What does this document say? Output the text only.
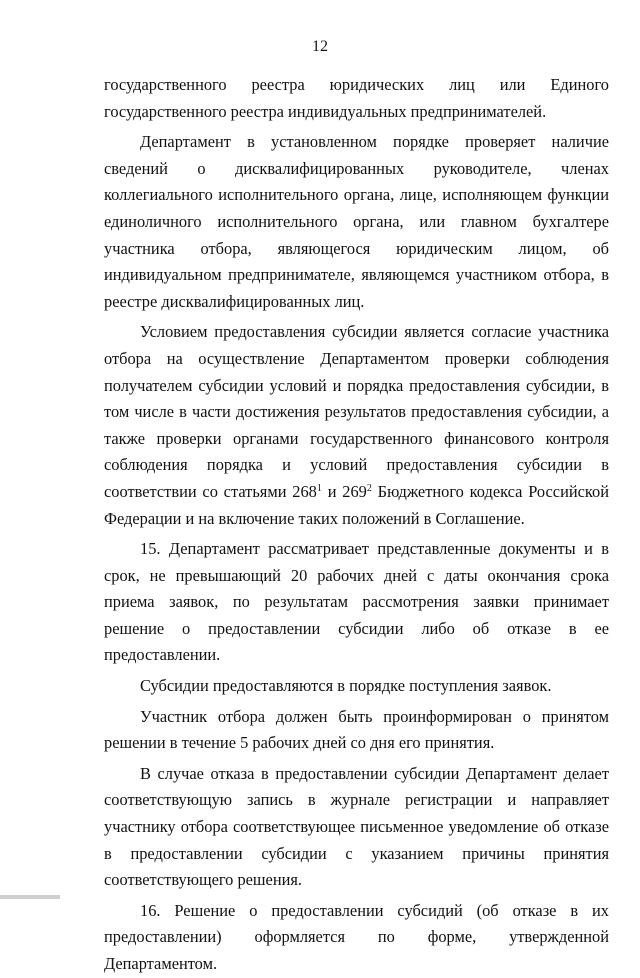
12

государственного реестра юридических лиц или Единого государственного реестра индивидуальных предпринимателей.

Департамент в установленном порядке проверяет наличие сведений о дисквалифицированных руководителе, членах коллегиального исполнительного органа, лице, исполняющем функции единоличного исполнительного органа, или главном бухгалтере участника отбора, являющегося юридическим лицом, об индивидуальном предпринимателе, являющемся участником отбора, в реестре дисквалифицированных лиц.

Условием предоставления субсидии является согласие участника отбора на осуществление Департаментом проверки соблюдения получателем субсидии условий и порядка предоставления субсидии, в том числе в части достижения результатов предоставления субсидии, а также проверки органами государственного финансового контроля соблюдения порядка и условий предоставления субсидии в соответствии со статьями $268^1$ и $269^2$ Бюджетного кодекса Российской Федерации и на включение таких положений в Соглашение.

15. Департамент рассматривает представленные документы и в срок, не превышающий 20 рабочих дней с даты окончания срока приема заявок, по результатам рассмотрения заявки принимает решение о предоставлении субсидии либо об отказе в ее предоставлении.

Субсидии предоставляются в порядке поступления заявок.

Участник отбора должен быть проинформирован о принятом решении в течение 5 рабочих дней со дня его принятия.

В случае отказа в предоставлении субсидии Департамент делает соответствующую запись в журнале регистрации и направляет участнику отбора соответствующее письменное уведомление об отказе в предоставлении субсидии с указанием причины принятия соответствующего решения.

16. Решение о предоставлении субсидий (об отказе в их предоставлении) оформляется по форме, утвержденной Департаментом.
